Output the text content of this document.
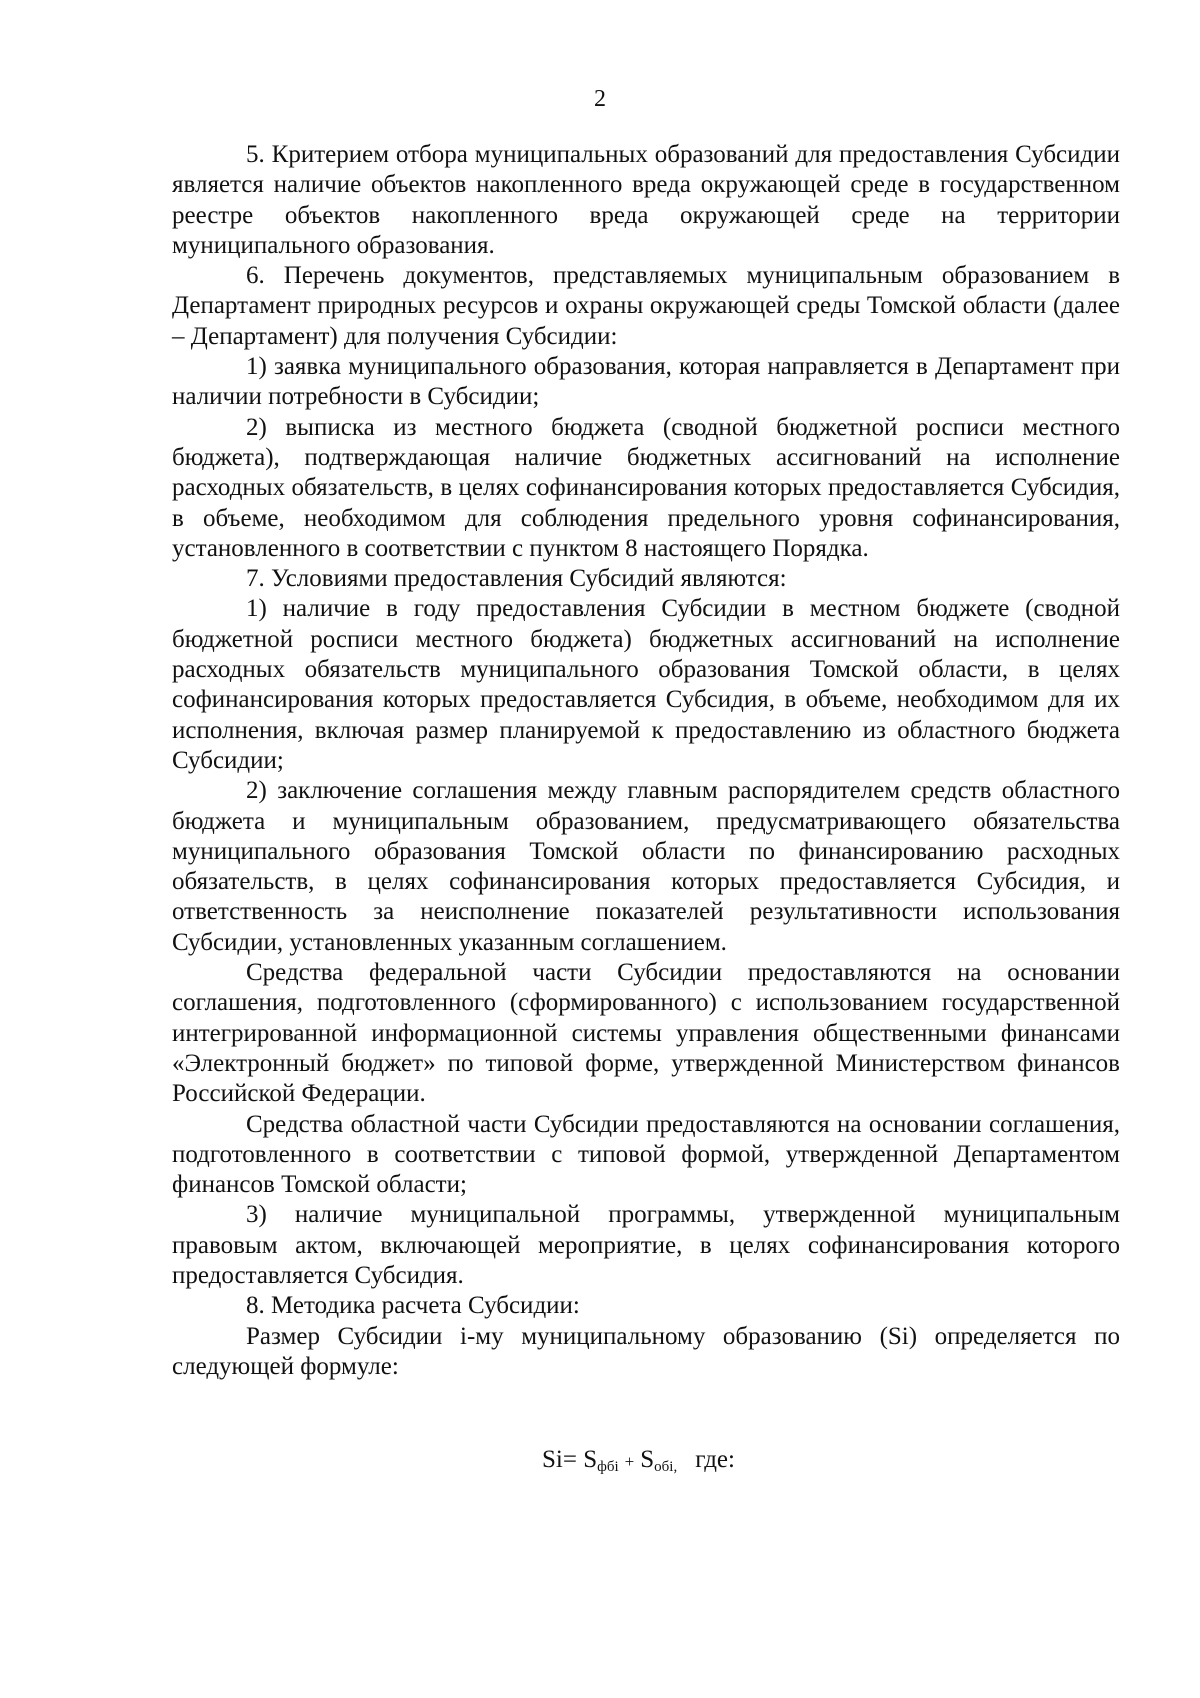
2

5. Критерием отбора муниципальных образований для предоставления Субсидии является наличие объектов накопленного вреда окружающей среде в государственном реестре объектов накопленного вреда окружающей среде на территории муниципального образования.

6. Перечень документов, представляемых муниципальным образованием в Департамент природных ресурсов и охраны окружающей среды Томской области (далее – Департамент) для получения Субсидии:

1) заявка муниципального образования, которая направляется в Департамент при наличии потребности в Субсидии;

2) выписка из местного бюджета (сводной бюджетной росписи местного бюджета), подтверждающая наличие бюджетных ассигнований на исполнение расходных обязательств, в целях софинансирования которых предоставляется Субсидия, в объеме, необходимом для соблюдения предельного уровня софинансирования, установленного в соответствии с пунктом 8 настоящего Порядка.

7. Условиями предоставления Субсидий являются:

1) наличие в году предоставления Субсидии в местном бюджете (сводной бюджетной росписи местного бюджета) бюджетных ассигнований на исполнение расходных обязательств муниципального образования Томской области, в целях софинансирования которых предоставляется Субсидия, в объеме, необходимом для их исполнения, включая размер планируемой к предоставлению из областного бюджета Субсидии;

2) заключение соглашения между главным распорядителем средств областного бюджета и муниципальным образованием, предусматривающего обязательства муниципального образования Томской области по финансированию расходных обязательств, в целях софинансирования которых предоставляется Субсидия, и ответственность за неисполнение показателей результативности использования Субсидии, установленных указанным соглашением.

Средства федеральной части Субсидии предоставляются на основании соглашения, подготовленного (сформированного) с использованием государственной интегрированной информационной системы управления общественными финансами «Электронный бюджет» по типовой форме, утвержденной Министерством финансов Российской Федерации.

Средства областной части Субсидии предоставляются на основании соглашения, подготовленного в соответствии с типовой формой, утвержденной Департаментом финансов Томской области;

3) наличие муниципальной программы, утвержденной муниципальным правовым актом, включающей мероприятие, в целях софинансирования которого предоставляется Субсидия.

8. Методика расчета Субсидии:

Размер Субсидии i-му муниципальному образованию (Si) определяется по следующей формуле:

$Si= S_{фбi} + S_{обi,}$ где:
